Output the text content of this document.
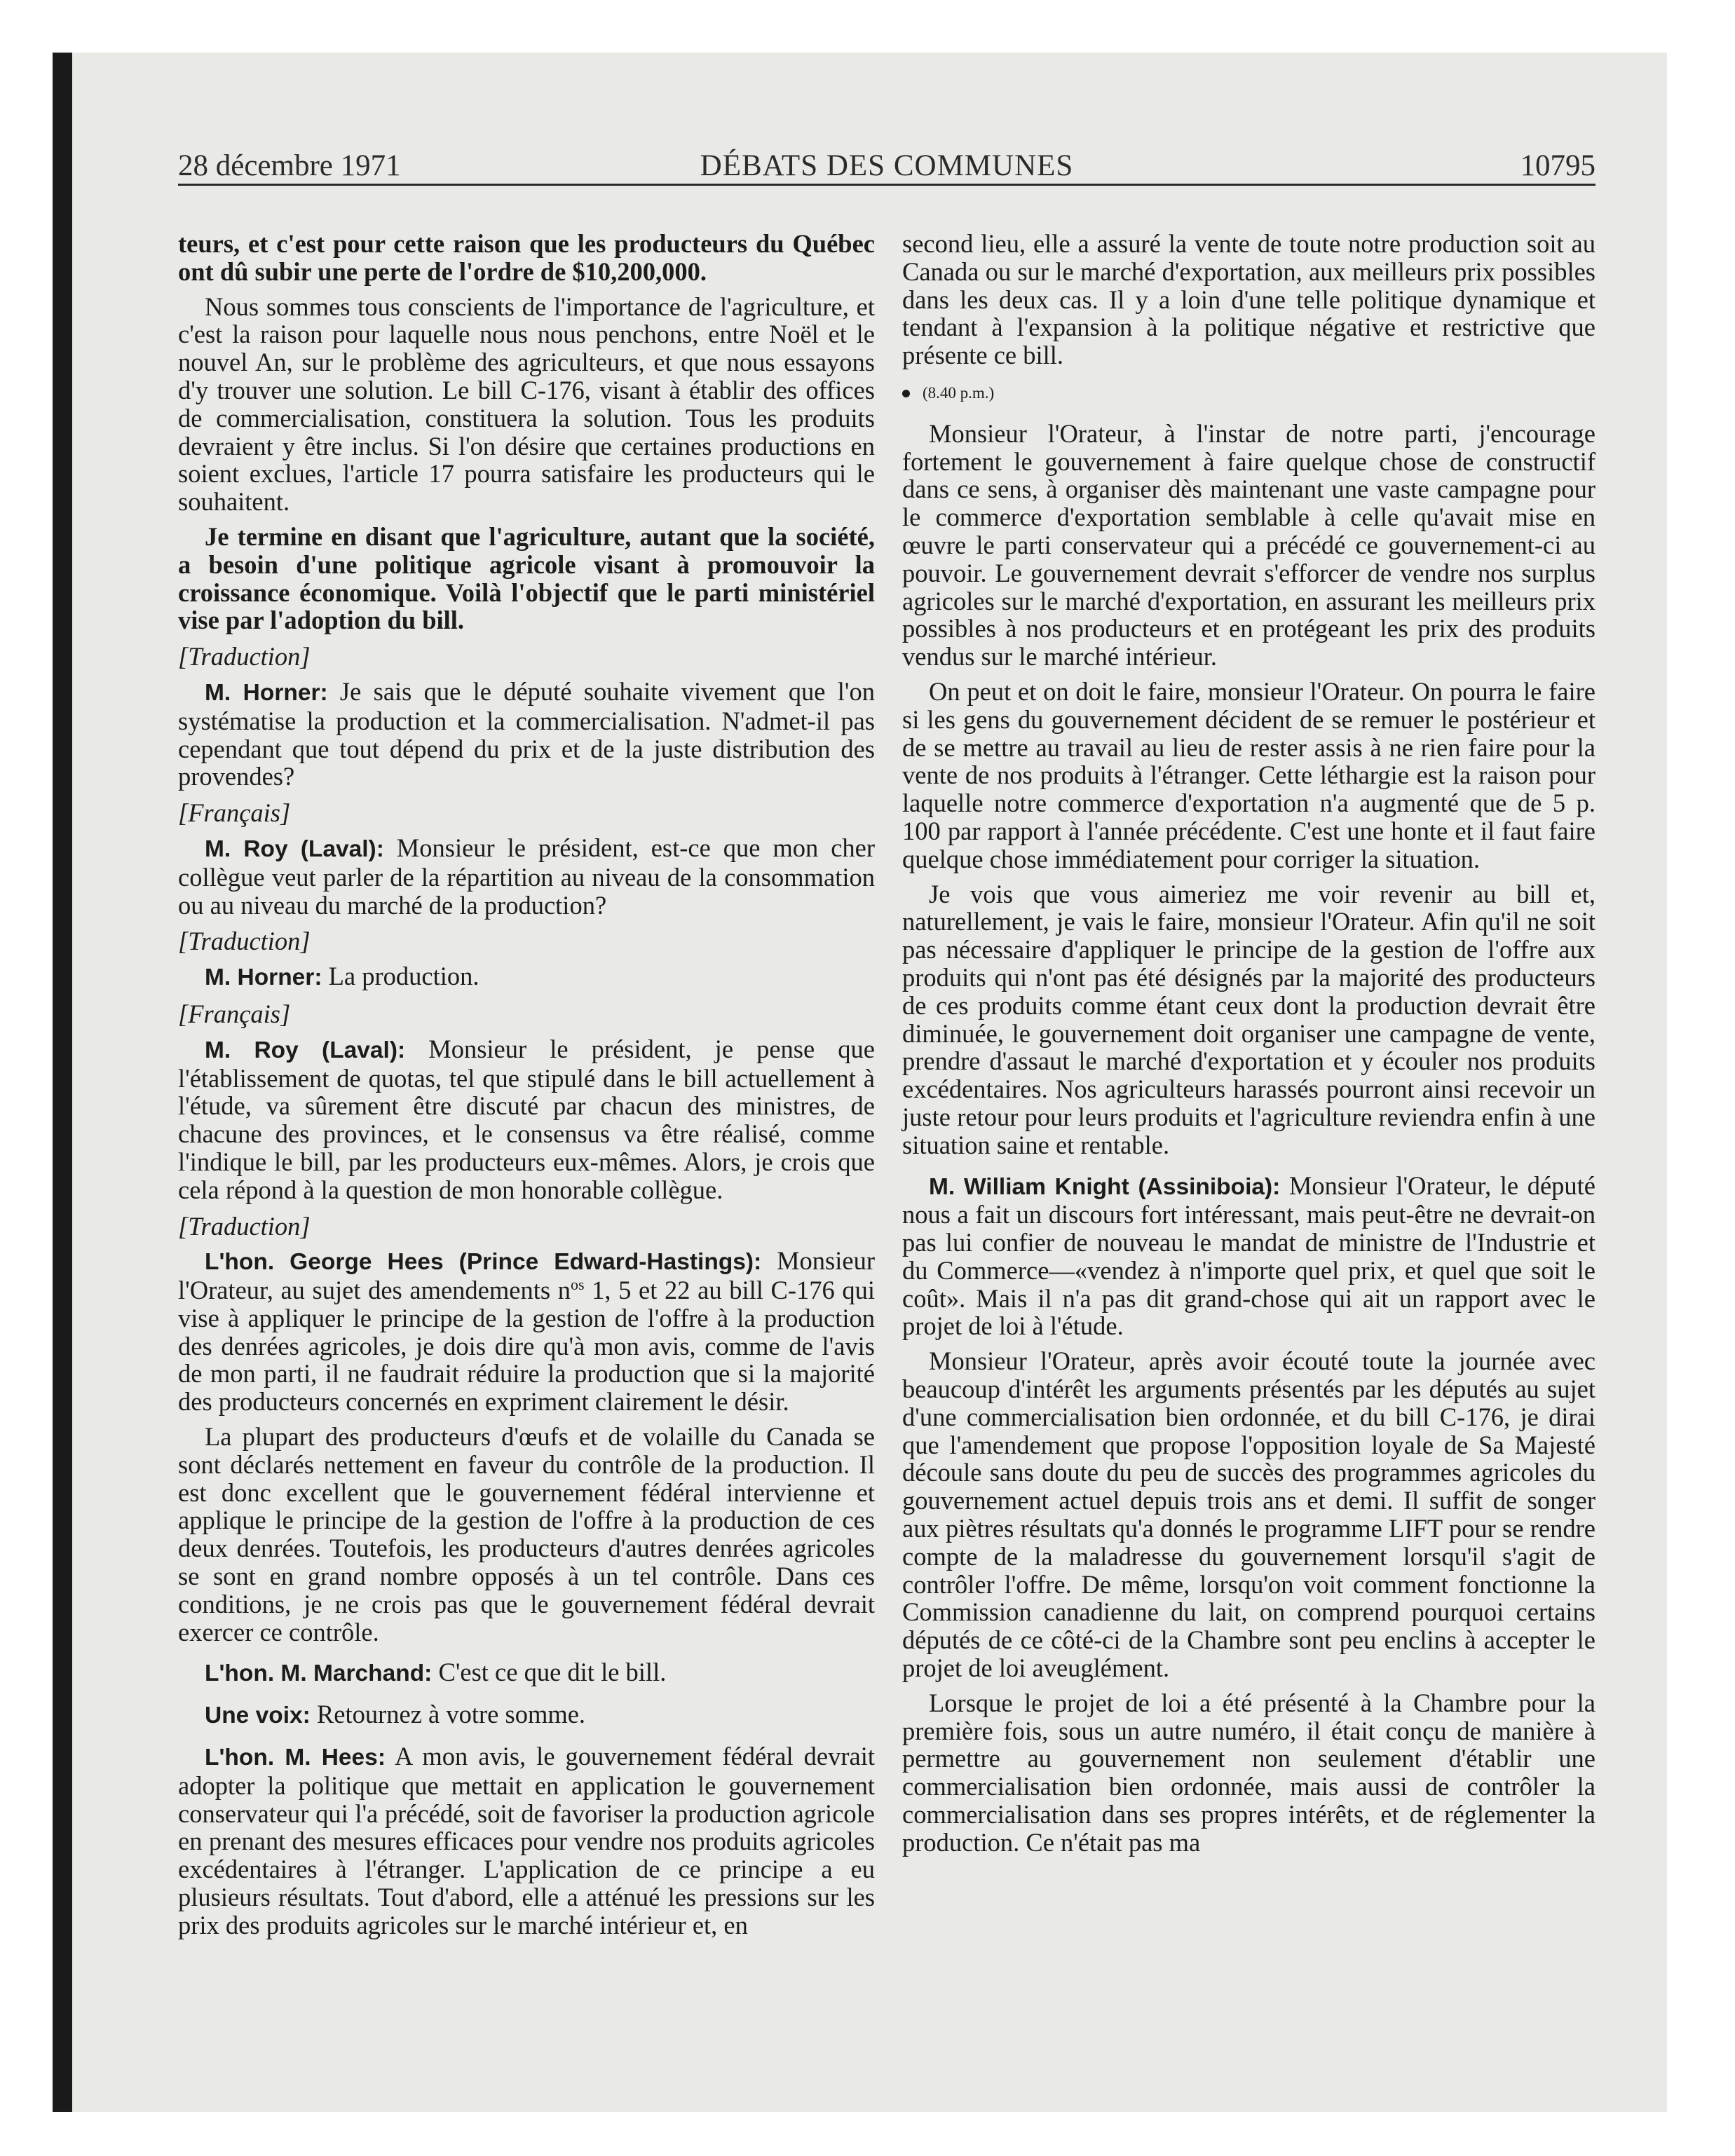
28 décembre 1971	DÉBATS DES COMMUNES	10795

teurs, et c'est pour cette raison que les producteurs du Québec ont dû subir une perte de l'ordre de $10,200,000.

Nous sommes tous conscients de l'importance de l'agriculture, et c'est la raison pour laquelle nous nous penchons, entre Noël et le nouvel An, sur le problème des agriculteurs, et que nous essayons d'y trouver une solution. Le bill C-176, visant à établir des offices de commercialisation, constituera la solution. Tous les produits devraient y être inclus. Si l'on désire que certaines productions en soient exclues, l'article 17 pourra satisfaire les producteurs qui le souhaitent.

Je termine en disant que l'agriculture, autant que la société, a besoin d'une politique agricole visant à promouvoir la croissance économique. Voilà l'objectif que le parti ministériel vise par l'adoption du bill.

[Traduction]

M. Horner: Je sais que le député souhaite vivement que l'on systématise la production et la commercialisation. N'admet-il pas cependant que tout dépend du prix et de la juste distribution des provendes?

[Français]

M. Roy (Laval): Monsieur le président, est-ce que mon cher collègue veut parler de la répartition au niveau de la consommation ou au niveau du marché de la production?

[Traduction]

M. Horner: La production.

[Français]

M. Roy (Laval): Monsieur le président, je pense que l'établissement de quotas, tel que stipulé dans le bill actuellement à l'étude, va sûrement être discuté par chacun des ministres, de chacune des provinces, et le consensus va être réalisé, comme l'indique le bill, par les producteurs eux-mêmes. Alors, je crois que cela répond à la question de mon honorable collègue.

[Traduction]

L'hon. George Hees (Prince Edward-Hastings): Monsieur l'Orateur, au sujet des amendements $n^{os}$ 1, 5 et 22 au bill C-176 qui vise à appliquer le principe de la gestion de l'offre à la production des denrées agricoles, je dois dire qu'à mon avis, comme de l'avis de mon parti, il ne faudrait réduire la production que si la majorité des producteurs concernés en expriment clairement le désir.

La plupart des producteurs d'œufs et de volaille du Canada se sont déclarés nettement en faveur du contrôle de la production. Il est donc excellent que le gouvernement fédéral intervienne et applique le principe de la gestion de l'offre à la production de ces deux denrées. Toutefois, les producteurs d'autres denrées agricoles se sont en grand nombre opposés à un tel contrôle. Dans ces conditions, je ne crois pas que le gouvernement fédéral devrait exercer ce contrôle.

L'hon. M. Marchand: C'est ce que dit le bill.

Une voix: Retournez à votre somme.

L'hon. M. Hees: A mon avis, le gouvernement fédéral devrait adopter la politique que mettait en application le gouvernement conservateur qui l'a précédé, soit de favoriser la production agricole en prenant des mesures efficaces pour vendre nos produits agricoles excédentaires à l'étranger. L'application de ce principe a eu plusieurs résultats. Tout d'abord, elle a atténué les pressions sur les prix des produits agricoles sur le marché intérieur et, en

second lieu, elle a assuré la vente de toute notre production soit au Canada ou sur le marché d'exportation, aux meilleurs prix possibles dans les deux cas. Il y a loin d'une telle politique dynamique et tendant à l'expansion à la politique négative et restrictive que présente ce bill.

(8.40 p.m.)

Monsieur l'Orateur, à l'instar de notre parti, j'encourage fortement le gouvernement à faire quelque chose de constructif dans ce sens, à organiser dès maintenant une vaste campagne pour le commerce d'exportation semblable à celle qu'avait mise en œuvre le parti conservateur qui a précédé ce gouvernement-ci au pouvoir. Le gouvernement devrait s'efforcer de vendre nos surplus agricoles sur le marché d'exportation, en assurant les meilleurs prix possibles à nos producteurs et en protégeant les prix des produits vendus sur le marché intérieur.

On peut et on doit le faire, monsieur l'Orateur. On pourra le faire si les gens du gouvernement décident de se remuer le postérieur et de se mettre au travail au lieu de rester assis à ne rien faire pour la vente de nos produits à l'étranger. Cette léthargie est la raison pour laquelle notre commerce d'exportation n'a augmenté que de 5 p. 100 par rapport à l'année précédente. C'est une honte et il faut faire quelque chose immédiatement pour corriger la situation.

Je vois que vous aimeriez me voir revenir au bill et, naturellement, je vais le faire, monsieur l'Orateur. Afin qu'il ne soit pas nécessaire d'appliquer le principe de la gestion de l'offre aux produits qui n'ont pas été désignés par la majorité des producteurs de ces produits comme étant ceux dont la production devrait être diminuée, le gouvernement doit organiser une campagne de vente, prendre d'assaut le marché d'exportation et y écouler nos produits excédentaires. Nos agriculteurs harassés pourront ainsi recevoir un juste retour pour leurs produits et l'agriculture reviendra enfin à une situation saine et rentable.

M. William Knight (Assiniboia): Monsieur l'Orateur, le député nous a fait un discours fort intéressant, mais peut-être ne devrait-on pas lui confier de nouveau le mandat de ministre de l'Industrie et du Commerce—«vendez à n'importe quel prix, et quel que soit le coût». Mais il n'a pas dit grand-chose qui ait un rapport avec le projet de loi à l'étude.

Monsieur l'Orateur, après avoir écouté toute la journée avec beaucoup d'intérêt les arguments présentés par les députés au sujet d'une commercialisation bien ordonnée, et du bill C-176, je dirai que l'amendement que propose l'opposition loyale de Sa Majesté découle sans doute du peu de succès des programmes agricoles du gouvernement actuel depuis trois ans et demi. Il suffit de songer aux piètres résultats qu'a donnés le programme LIFT pour se rendre compte de la maladresse du gouvernement lorsqu'il s'agit de contrôler l'offre. De même, lorsqu'on voit comment fonctionne la Commission canadienne du lait, on comprend pourquoi certains députés de ce côté-ci de la Chambre sont peu enclins à accepter le projet de loi aveuglément.

Lorsque le projet de loi a été présenté à la Chambre pour la première fois, sous un autre numéro, il était conçu de manière à permettre au gouvernement non seulement d'établir une commercialisation bien ordonnée, mais aussi de contrôler la commercialisation dans ses propres intérêts, et de réglementer la production. Ce n'était pas ma
